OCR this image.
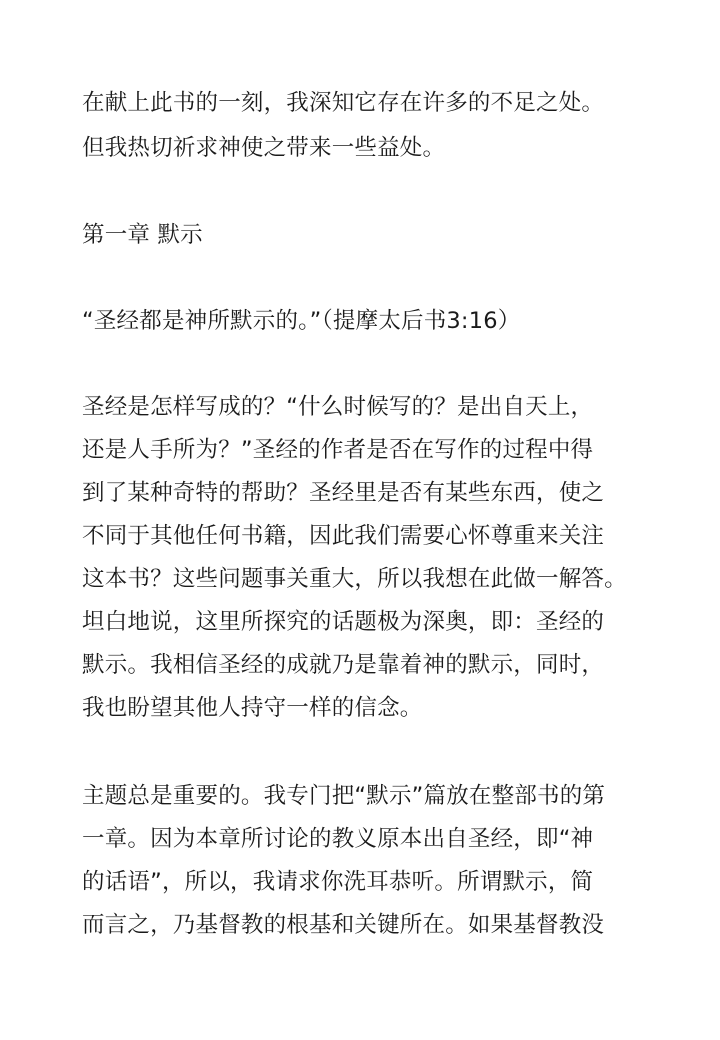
在献上此书的一刻，我深知它存在许多的不足之处。
但我热切祈求神使之带来一些益处。
第一章 默示
“圣经都是神所默示的。”（提摩太后书3:16）
圣经是怎样写成的？“什么时候写的？是出自天上，
还是人手所为？”圣经的作者是否在写作的过程中得
到了某种奇特的帮助？圣经里是否有某些东西，使之
不同于其他任何书籍，因此我们需要心怀尊重来关注
这本书？这些问题事关重大，所以我想在此做一解答。
坦白地说，这里所探究的话题极为深奥，即：圣经的
默示。我相信圣经的成就乃是靠着神的默示，同时，
我也盼望其他人持守一样的信念。
主题总是重要的。我专门把“默示”篇放在整部书的第
一章。因为本章所讨论的教义原本出自圣经，即“神
的话语”，所以，我请求你洗耳恭听。所谓默示，简
而言之，乃基督教的根基和关键所在。如果基督教没
